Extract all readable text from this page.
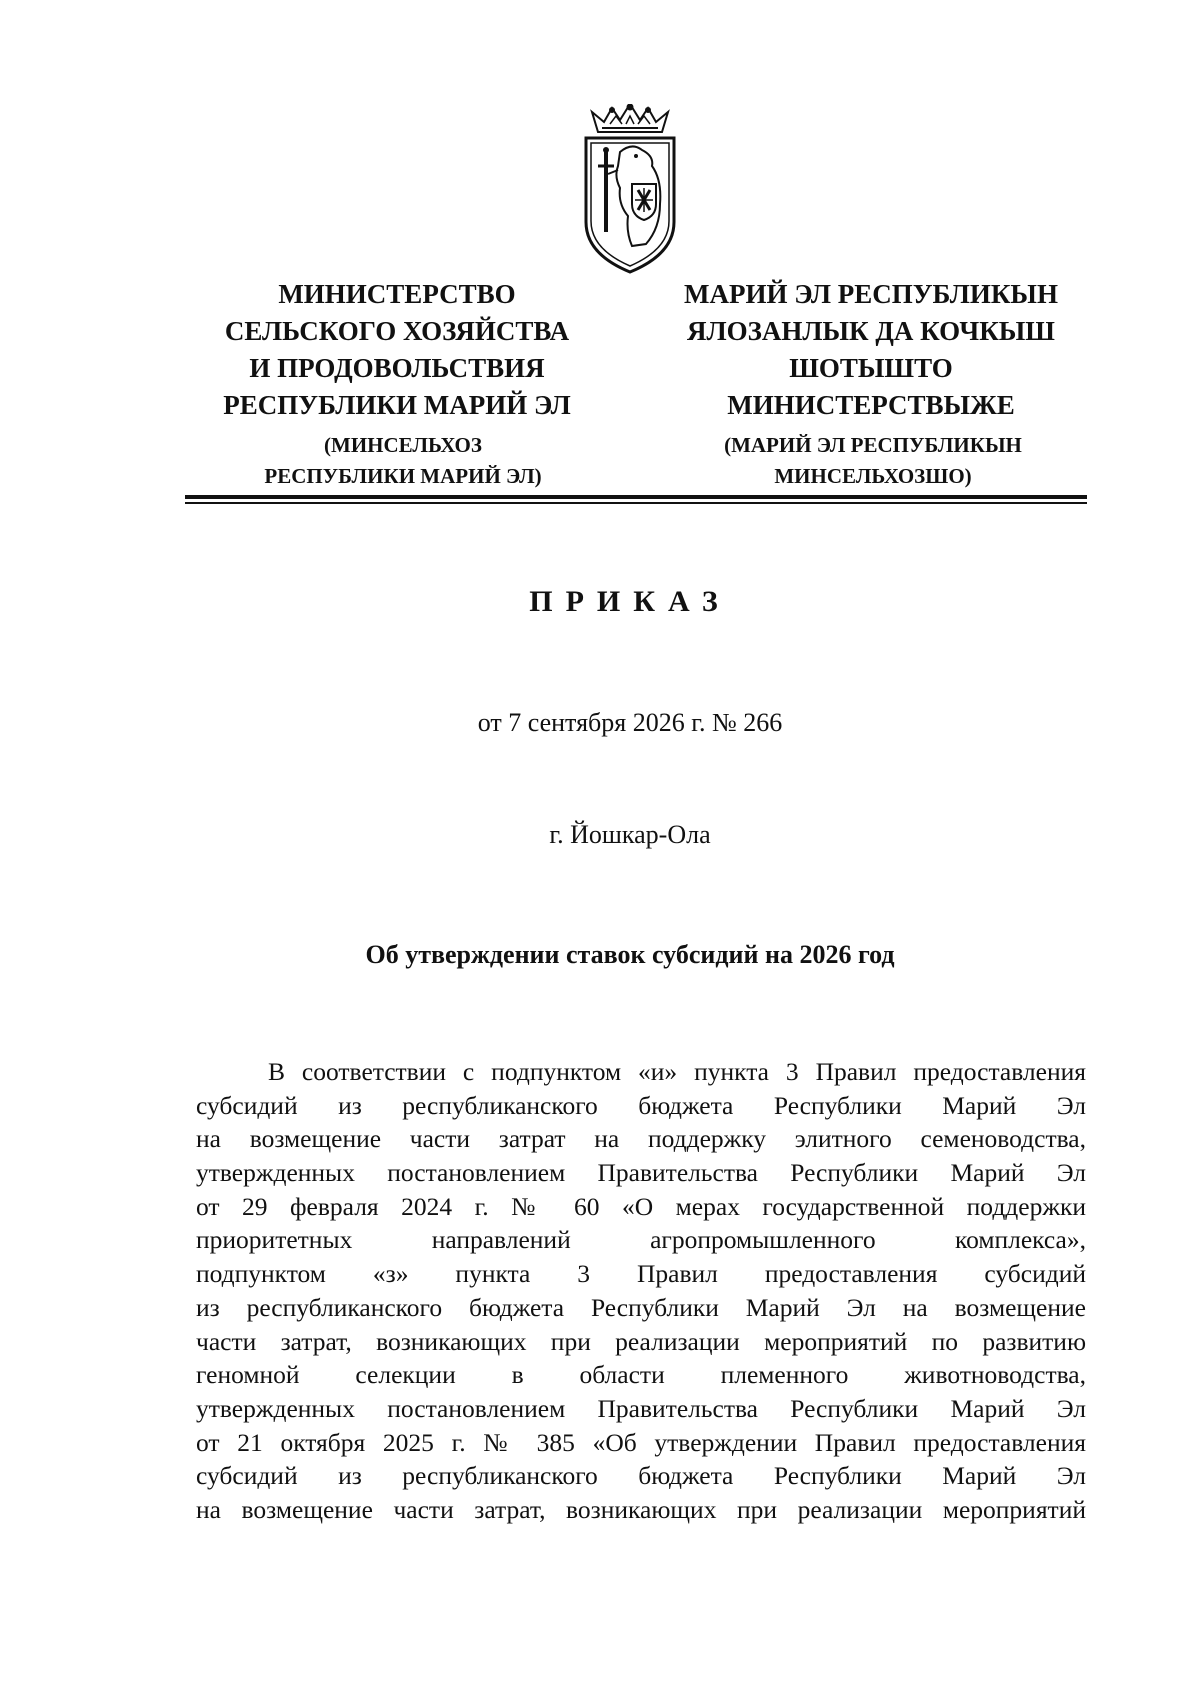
МИНИСТЕРСТВО
СЕЛЬСКОГО ХОЗЯЙСТВА
И ПРОДОВОЛЬСТВИЯ
РЕСПУБЛИКИ МАРИЙ ЭЛ
МАРИЙ ЭЛ РЕСПУБЛИКЫН
ЯЛОЗАНЛЫК ДА КОЧКЫШ
ШОТЫШТО
МИНИСТЕРСТВЫЖЕ
(МИНСЕЛЬХОЗ
РЕСПУБЛИКИ МАРИЙ ЭЛ)
(МАРИЙ ЭЛ РЕСПУБЛИКЫН
МИНСЕЛЬХОЗШО)
ПРИКАЗ
от 7 сентября 2026 г. № 266
г. Йошкар-Ола
Об утверждении ставок субсидий на 2026 год
В соответствии с подпунктом «и» пункта 3 Правил предоставления
субсидий из республиканского бюджета Республики Марий Эл
на возмещение части затрат на поддержку элитного семеноводства,
утвержденных постановлением Правительства Республики Марий Эл
от 29 февраля 2024 г. № 60 «О мерах государственной поддержки
приоритетных направлений агропромышленного комплекса»,
подпунктом «з» пункта 3 Правил предоставления субсидий
из республиканского бюджета Республики Марий Эл на возмещение
части затрат, возникающих при реализации мероприятий по развитию
геномной селекции в области племенного животноводства,
утвержденных постановлением Правительства Республики Марий Эл
от 21 октября 2025 г. № 385 «Об утверждении Правил предоставления
субсидий из республиканского бюджета Республики Марий Эл
на возмещение части затрат, возникающих при реализации мероприятий
